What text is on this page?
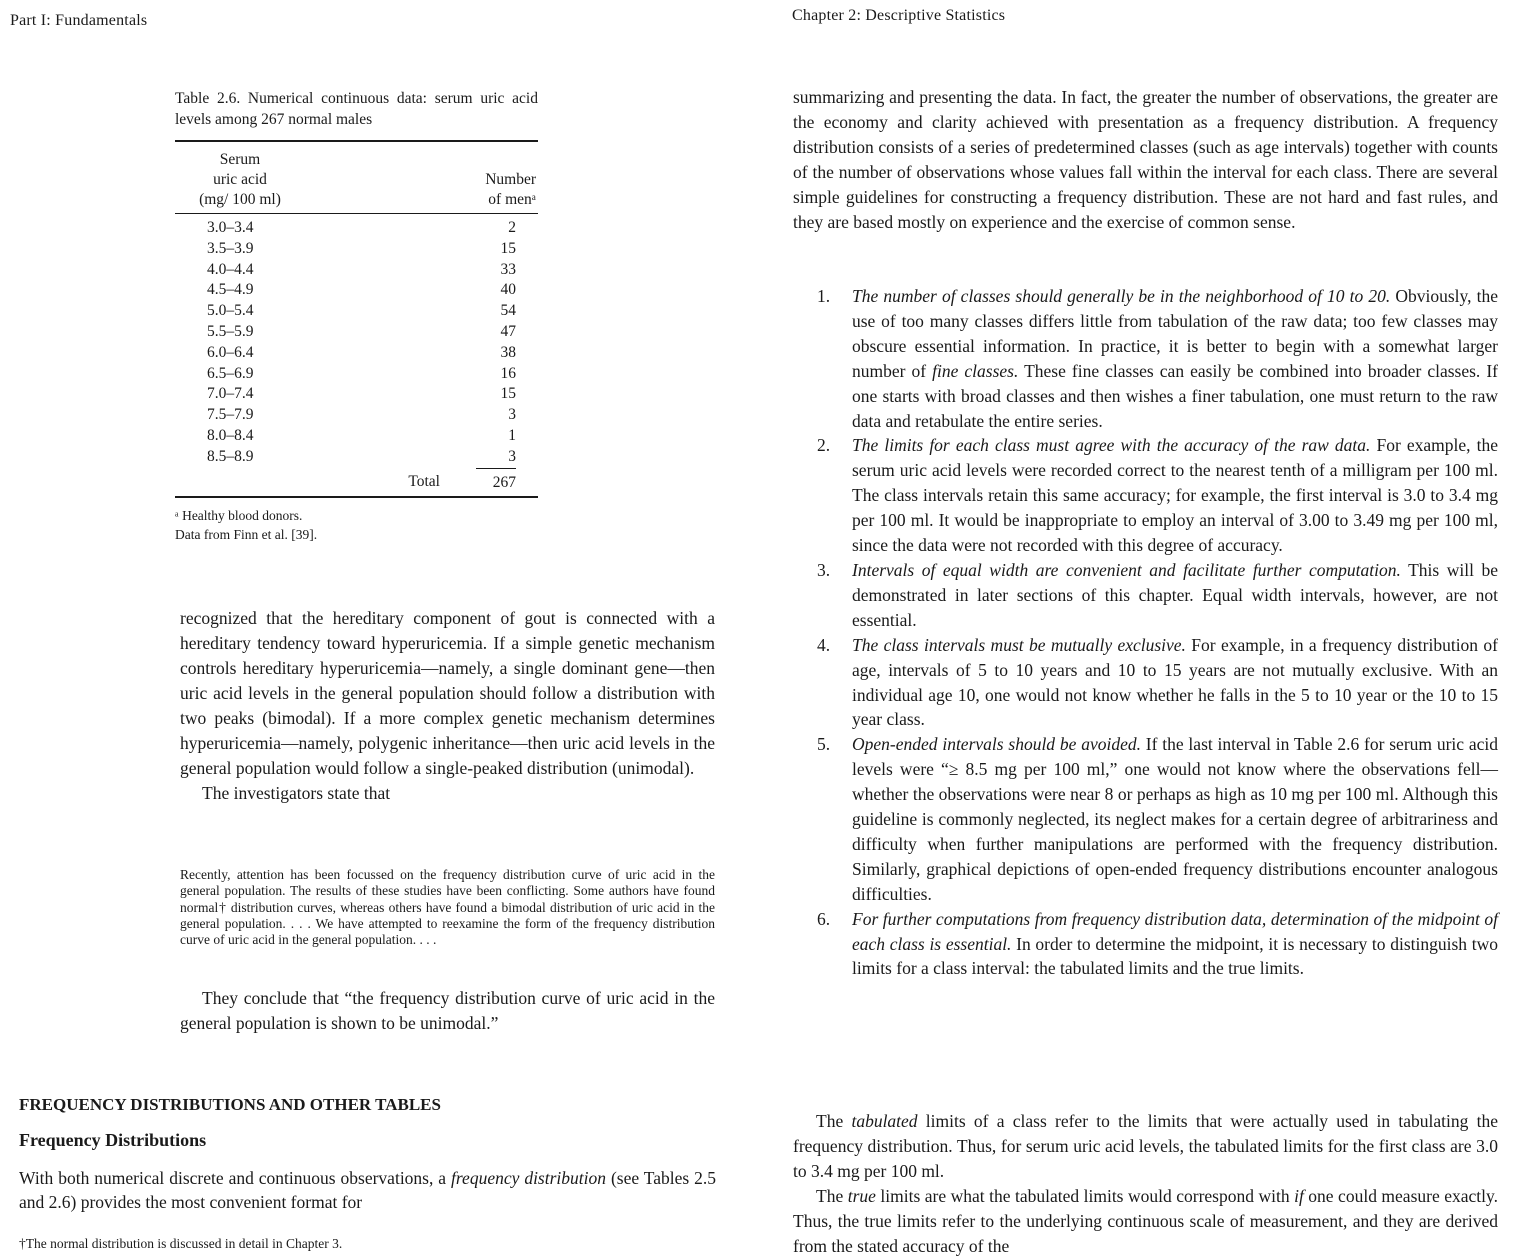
Part I: Fundamentals
Table 2.6. Numerical continuous data: serum uric acid levels among 267 normal males
Serum
uric acid
(mg/ 100 ml)
Number
of menᵃ
3.0–3.4	2
3.5–3.9	15
4.0–4.4	33
4.5–4.9	40
5.0–5.4	54
5.5–5.9	47
6.0–6.4	38
6.5–6.9	16
7.0–7.4	15
7.5–7.9	3
8.0–8.4	1
8.5–8.9	3
Total	267
ᵃ Healthy blood donors.
Data from Finn et al. [39].
recognized that the hereditary component of gout is connected with a hereditary tendency toward hyperuricemia. If a simple genetic mechanism controls hereditary hyperuricemia—namely, a single dominant gene—then uric acid levels in the general population should follow a distribution with two peaks (bimodal). If a more complex genetic mechanism determines hyperuricemia—namely, polygenic inheritance—then uric acid levels in the general population would follow a single-peaked distribution (unimodal).
The investigators state that
Recently, attention has been focussed on the frequency distribution curve of uric acid in the general population. The results of these studies have been conflicting. Some authors have found normal† distribution curves, whereas others have found a bimodal distribution of uric acid in the general population. . . . We have attempted to reexamine the form of the frequency distribution curve of uric acid in the general population. . . .
They conclude that “the frequency distribution curve of uric acid in the general population is shown to be unimodal.”
FREQUENCY DISTRIBUTIONS AND OTHER TABLES
Frequency Distributions
With both numerical discrete and continuous observations, a frequency distribution (see Tables 2.5 and 2.6) provides the most convenient format for
†The normal distribution is discussed in detail in Chapter 3.
Chapter 2: Descriptive Statistics
summarizing and presenting the data. In fact, the greater the number of observations, the greater are the economy and clarity achieved with presentation as a frequency distribution. A frequency distribution consists of a series of predetermined classes (such as age intervals) together with counts of the number of observations whose values fall within the interval for each class. There are several simple guidelines for constructing a frequency distribution. These are not hard and fast rules, and they are based mostly on experience and the exercise of common sense.
1. The number of classes should generally be in the neighborhood of 10 to 20. Obviously, the use of too many classes differs little from tabulation of the raw data; too few classes may obscure essential information. In practice, it is better to begin with a somewhat larger number of fine classes. These fine classes can easily be combined into broader classes. If one starts with broad classes and then wishes a finer tabulation, one must return to the raw data and retabulate the entire series.
2. The limits for each class must agree with the accuracy of the raw data. For example, the serum uric acid levels were recorded correct to the nearest tenth of a milligram per 100 ml. The class intervals retain this same accuracy; for example, the first interval is 3.0 to 3.4 mg per 100 ml. It would be inappropriate to employ an interval of 3.00 to 3.49 mg per 100 ml, since the data were not recorded with this degree of accuracy.
3. Intervals of equal width are convenient and facilitate further computation. This will be demonstrated in later sections of this chapter. Equal width intervals, however, are not essential.
4. The class intervals must be mutually exclusive. For example, in a frequency distribution of age, intervals of 5 to 10 years and 10 to 15 years are not mutually exclusive. With an individual age 10, one would not know whether he falls in the 5 to 10 year or the 10 to 15 year class.
5. Open-ended intervals should be avoided. If the last interval in Table 2.6 for serum uric acid levels were “≥ 8.5 mg per 100 ml,” one would not know where the observations fell—whether the observations were near 8 or perhaps as high as 10 mg per 100 ml. Although this guideline is commonly neglected, its neglect makes for a certain degree of arbitrariness and difficulty when further manipulations are performed with the frequency distribution. Similarly, graphical depictions of open-ended frequency distributions encounter analogous difficulties.
6. For further computations from frequency distribution data, determination of the midpoint of each class is essential. In order to determine the midpoint, it is necessary to distinguish two limits for a class interval: the tabulated limits and the true limits.

The tabulated limits of a class refer to the limits that were actually used in tabulating the frequency distribution. Thus, for serum uric acid levels, the tabulated limits for the first class are 3.0 to 3.4 mg per 100 ml.

The true limits are what the tabulated limits would correspond with if one could measure exactly. Thus, the true limits refer to the underlying continuous scale of measurement, and they are derived from the stated accuracy of the
